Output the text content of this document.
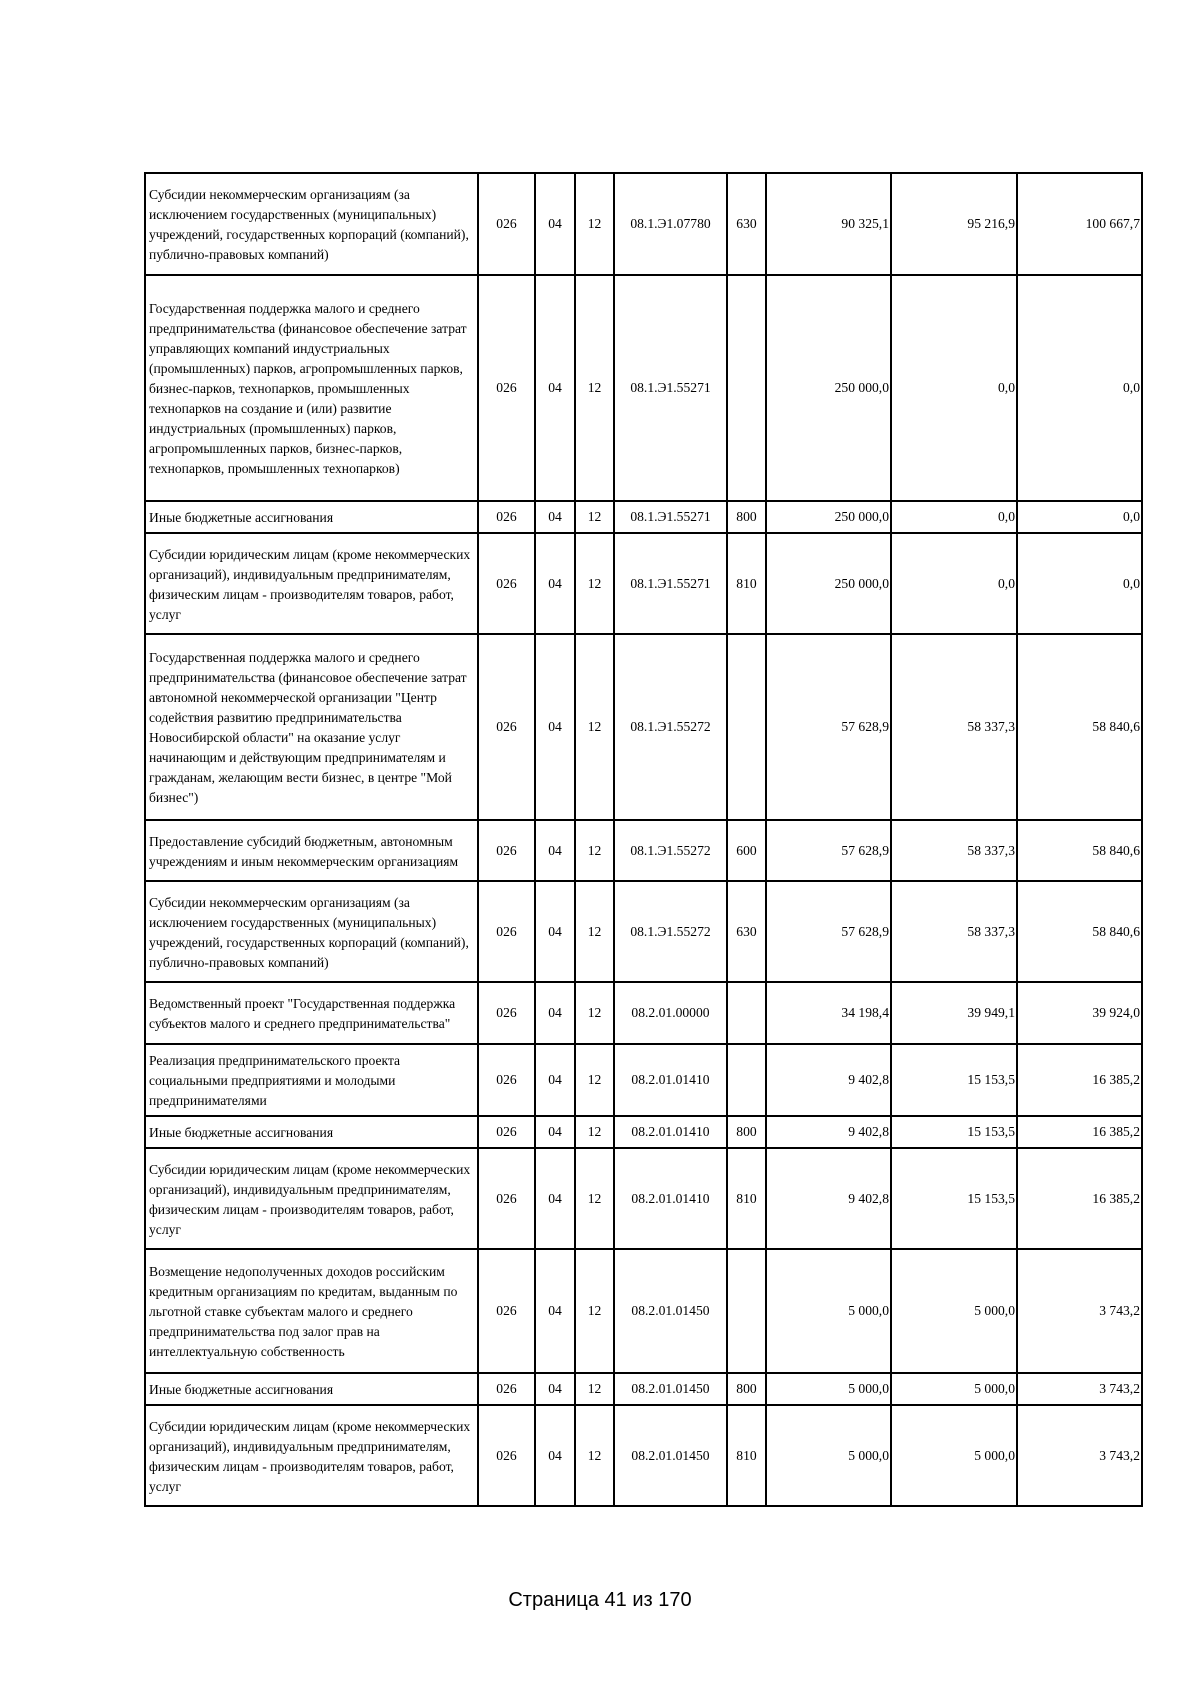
Субсидии некоммерческим организациям (за исключением государственных (муниципальных) учреждений, государственных корпораций (компаний), публично-правовых компаний)	026	04	12	08.1.Э1.07780	630	90 325,1	95 216,9	100 667,7
Государственная поддержка малого и среднего предпринимательства (финансовое обеспечение затрат управляющих компаний индустриальных (промышленных) парков, агропромышленных парков, бизнес-парков, технопарков, промышленных технопарков на создание и (или) развитие индустриальных (промышленных) парков, агропромышленных парков, бизнес-парков, технопарков, промышленных технопарков)	026	04	12	08.1.Э1.55271		250 000,0	0,0	0,0
Иные бюджетные ассигнования	026	04	12	08.1.Э1.55271	800	250 000,0	0,0	0,0
Субсидии юридическим лицам (кроме некоммерческих организаций), индивидуальным предпринимателям, физическим лицам - производителям товаров, работ, услуг	026	04	12	08.1.Э1.55271	810	250 000,0	0,0	0,0
Государственная поддержка малого и среднего предпринимательства (финансовое обеспечение затрат автономной некоммерческой организации "Центр содействия развитию предпринимательства Новосибирской области" на оказание услуг начинающим и действующим предпринимателям и гражданам, желающим вести бизнес, в центре "Мой бизнес")	026	04	12	08.1.Э1.55272		57 628,9	58 337,3	58 840,6
Предоставление субсидий бюджетным, автономным учреждениям и иным некоммерческим организациям	026	04	12	08.1.Э1.55272	600	57 628,9	58 337,3	58 840,6
Субсидии некоммерческим организациям (за исключением государственных (муниципальных) учреждений, государственных корпораций (компаний), публично-правовых компаний)	026	04	12	08.1.Э1.55272	630	57 628,9	58 337,3	58 840,6
Ведомственный проект "Государственная поддержка субъектов малого и среднего предпринимательства"	026	04	12	08.2.01.00000		34 198,4	39 949,1	39 924,0
Реализация предпринимательского проекта социальными предприятиями и молодыми предпринимателями	026	04	12	08.2.01.01410		9 402,8	15 153,5	16 385,2
Иные бюджетные ассигнования	026	04	12	08.2.01.01410	800	9 402,8	15 153,5	16 385,2
Субсидии юридическим лицам (кроме некоммерческих организаций), индивидуальным предпринимателям, физическим лицам - производителям товаров, работ, услуг	026	04	12	08.2.01.01410	810	9 402,8	15 153,5	16 385,2
Возмещение недополученных доходов российским кредитным организациям по кредитам, выданным по льготной ставке субъектам малого и среднего предпринимательства под залог прав на интеллектуальную собственность	026	04	12	08.2.01.01450		5 000,0	5 000,0	3 743,2
Иные бюджетные ассигнования	026	04	12	08.2.01.01450	800	5 000,0	5 000,0	3 743,2
Субсидии юридическим лицам (кроме некоммерческих организаций), индивидуальным предпринимателям, физическим лицам - производителям товаров, работ, услуг	026	04	12	08.2.01.01450	810	5 000,0	5 000,0	3 743,2
Страница 41 из 170
